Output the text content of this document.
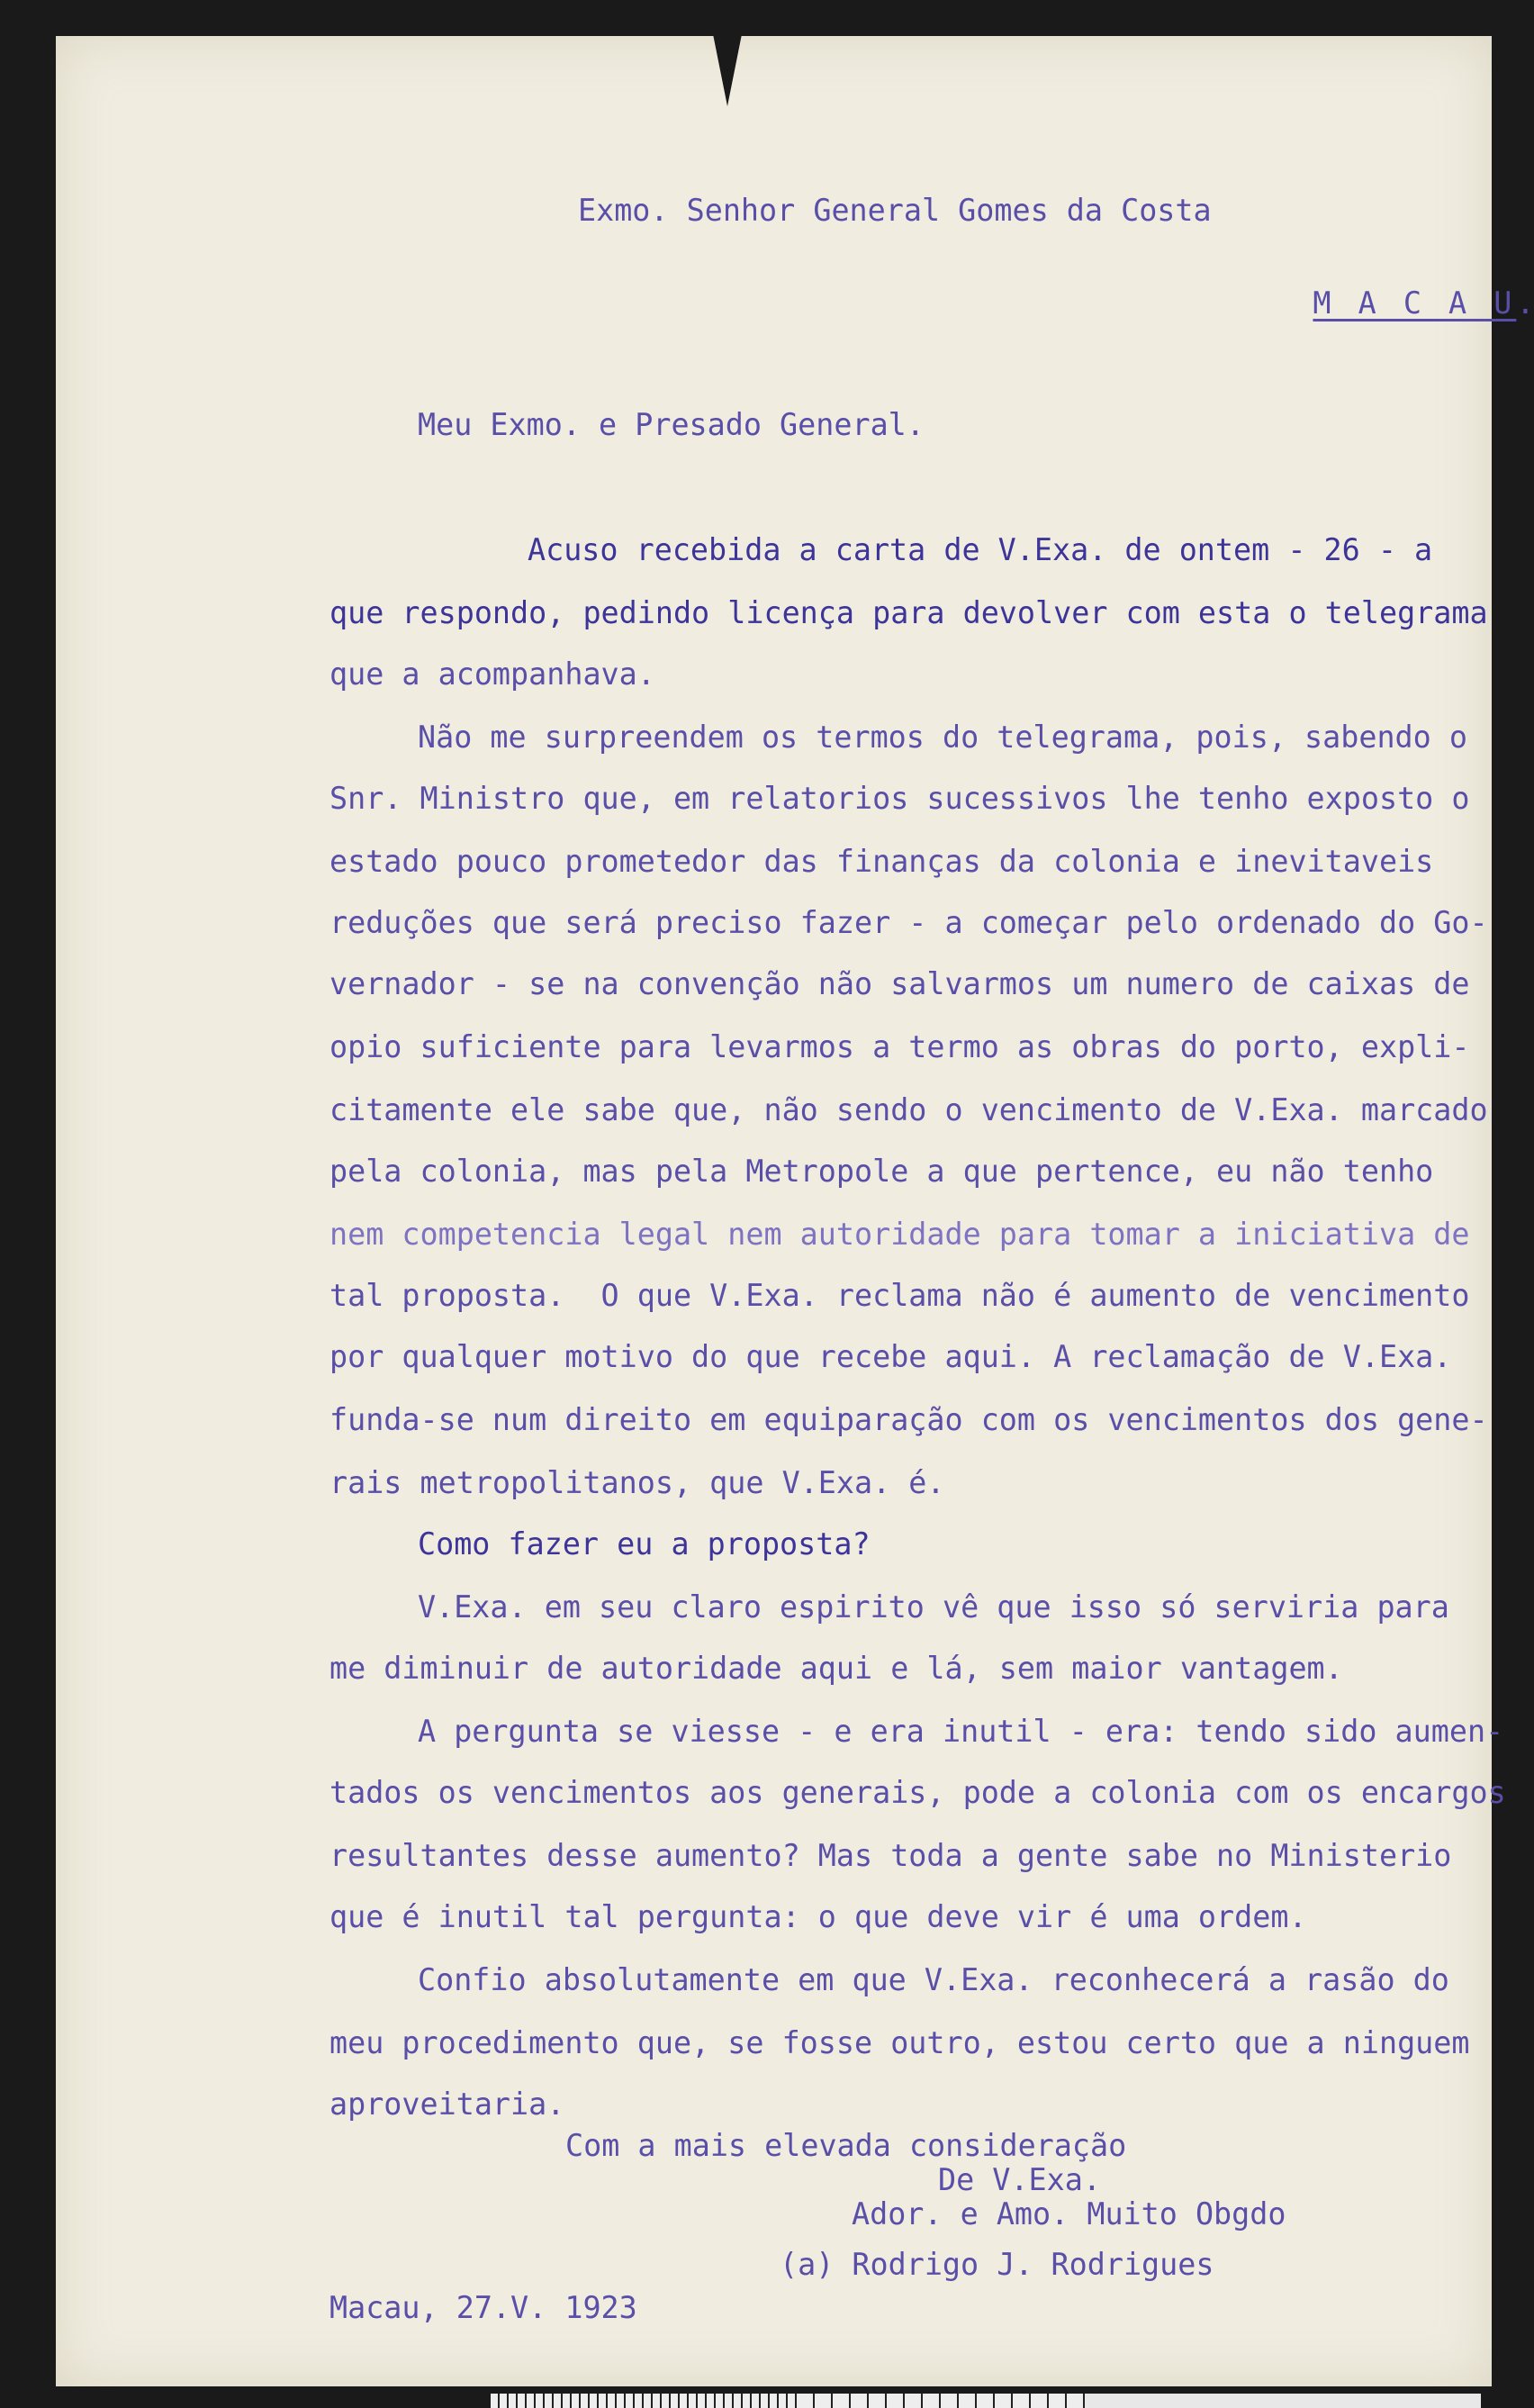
Exmo. Senhor General Gomes da Costa

M A C A U.

Meu Exmo. e Presado General.
Acuso recebida a carta de V.Exa. de ontem - 26 - a
que respondo, pedindo licença para devolver com esta o telegrama
que a acompanhava.
Não me surpreendem os termos do telegrama, pois, sabendo o
Snr. Ministro que, em relatorios sucessivos lhe tenho exposto o
estado pouco prometedor das finanças da colonia e inevitaveis
reduções que será preciso fazer - a começar pelo ordenado do Go-
vernador - se na convenção não salvarmos um numero de caixas de
opio suficiente para levarmos a termo as obras do porto, expli-
citamente ele sabe que, não sendo o vencimento de V.Exa. marcado
pela colonia, mas pela Metropole a que pertence, eu não tenho
nem competencia legal nem autoridade para tomar a iniciativa de
tal proposta.  O que V.Exa. reclama não é aumento de vencimento
por qualquer motivo do que recebe aqui. A reclamação de V.Exa.
funda-se num direito em equiparação com os vencimentos dos gene-
rais metropolitanos, que V.Exa. é.
Como fazer eu a proposta?
V.Exa. em seu claro espirito vê que isso só serviria para
me diminuir de autoridade aqui e lá, sem maior vantagem.
A pergunta se viesse - e era inutil - era: tendo sido aumen-
tados os vencimentos aos generais, pode a colonia com os encargos
resultantes desse aumento? Mas toda a gente sabe no Ministerio
que é inutil tal pergunta: o que deve vir é uma ordem.
Confio absolutamente em que V.Exa. reconhecerá a rasão do
meu procedimento que, se fosse outro, estou certo que a ninguem
aproveitaria.
Com a mais elevada consideração
De V.Exa.
Ador. e Amo. Muito Obgdo
(a) Rodrigo J. Rodrigues
Macau, 27.V. 1923
